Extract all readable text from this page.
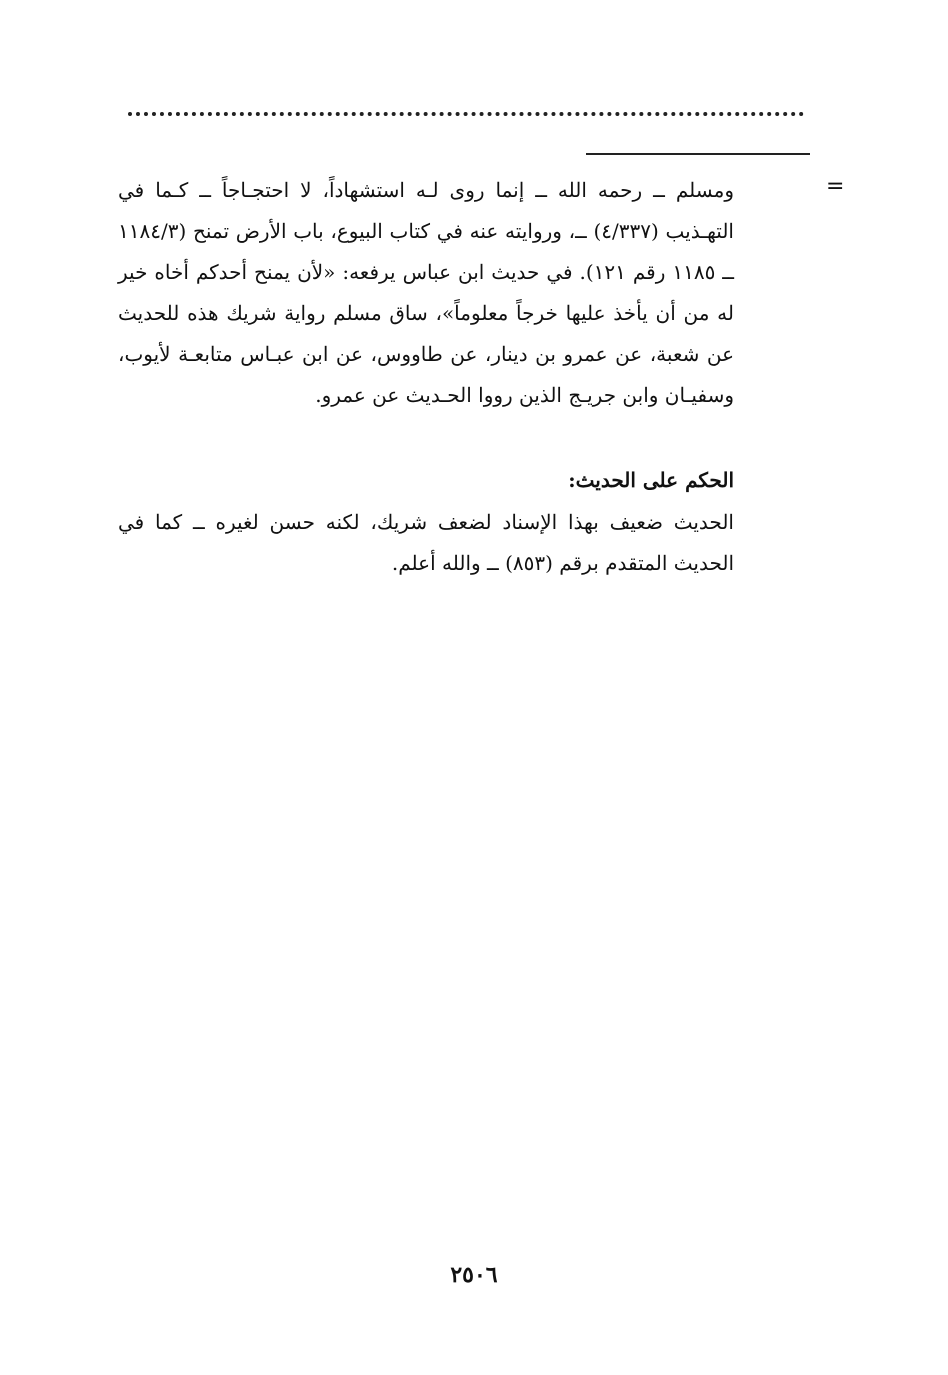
=
ومسلم ــ رحمه الله ــ إنما روى لـه استشهاداً، لا احتجـاجاً ــ كـما في التهـذيب (٤/٣٣٧) ــ، وروايته عنه في كتاب البيوع، باب الأرض تمنح (١١٨٤/٣ ــ ١١٨٥ رقم ١٢١). في حديث ابن عباس يرفعه: «لأن يمنح أحدكم أخاه خير له من أن يأخذ عليها خرجاً معلوماً»، ساق مسلم رواية شريك هذه للحديث عن شعبة، عن عمرو بن دينار، عن طاووس، عن ابن عبـاس متابعـة لأيوب، وسفيـان وابن جريـج الذين رووا الحـديث عن عمرو.
الحكم على الحديث:
الحديث ضعيف بهذا الإسناد لضعف شريك، لكنه حسن لغيره ــ كما في الحديث المتقدم برقم (٨٥٣) ــ والله أعلم.
٢٥٠٦
